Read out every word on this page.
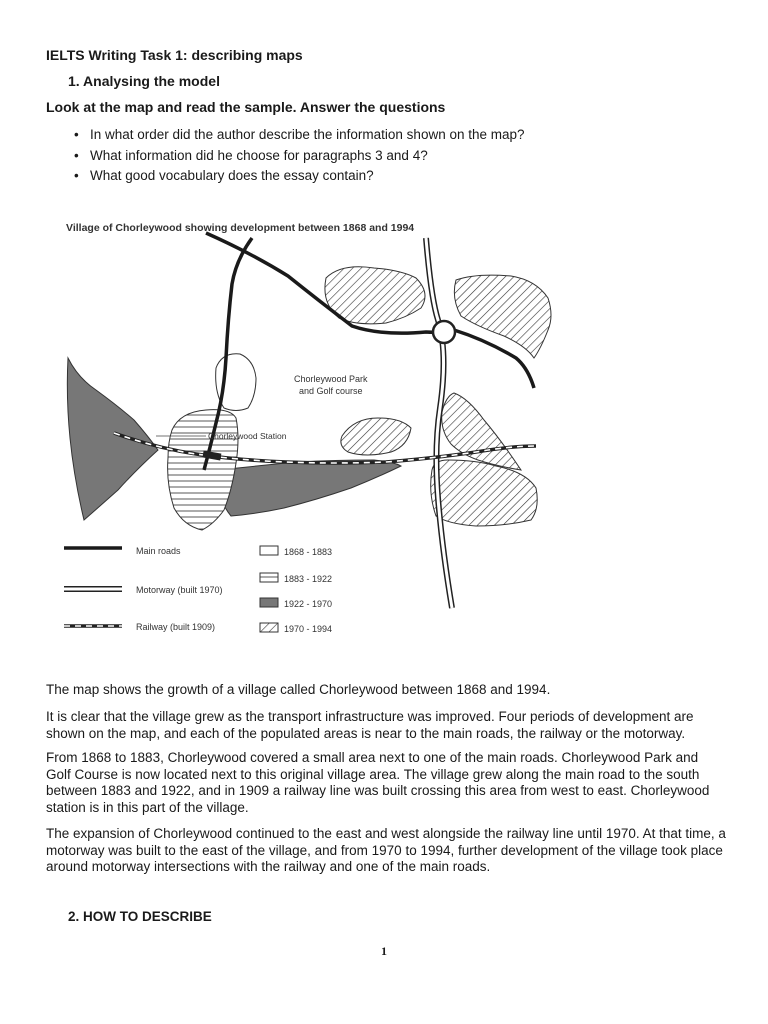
IELTS Writing Task 1: describing maps
1. Analysing the model
Look at the map and read the sample. Answer the questions
• In what order did the author describe the information shown on the map?
• What information did he choose for paragraphs 3 and 4?
• What good vocabulary does the essay contain?
Village of Chorleywood showing development between 1868 and 1994
Chorleywood Park
and Golf course
Chorleywood Station
Main roads
Motorway (built 1970)
Railway (built 1909)
1868 - 1883
1883 - 1922
1922 - 1970
1970 - 1994

The map shows the growth of a village called Chorleywood between 1868 and 1994.

It is clear that the village grew as the transport infrastructure was improved. Four periods of development are shown on the map, and each of the populated areas is near to the main roads, the railway or the motorway.

From 1868 to 1883, Chorleywood covered a small area next to one of the main roads. Chorleywood Park and Golf Course is now located next to this original village area. The village grew along the main road to the south between 1883 and 1922, and in 1909 a railway line was built crossing this area from west to east. Chorleywood station is in this part of the village.

The expansion of Chorleywood continued to the east and west alongside the railway line until 1970. At that time, a motorway was built to the east of the village, and from 1970 to 1994, further development of the village took place around motorway intersections with the railway and one of the main roads.

2. HOW TO DESCRIBE
1
